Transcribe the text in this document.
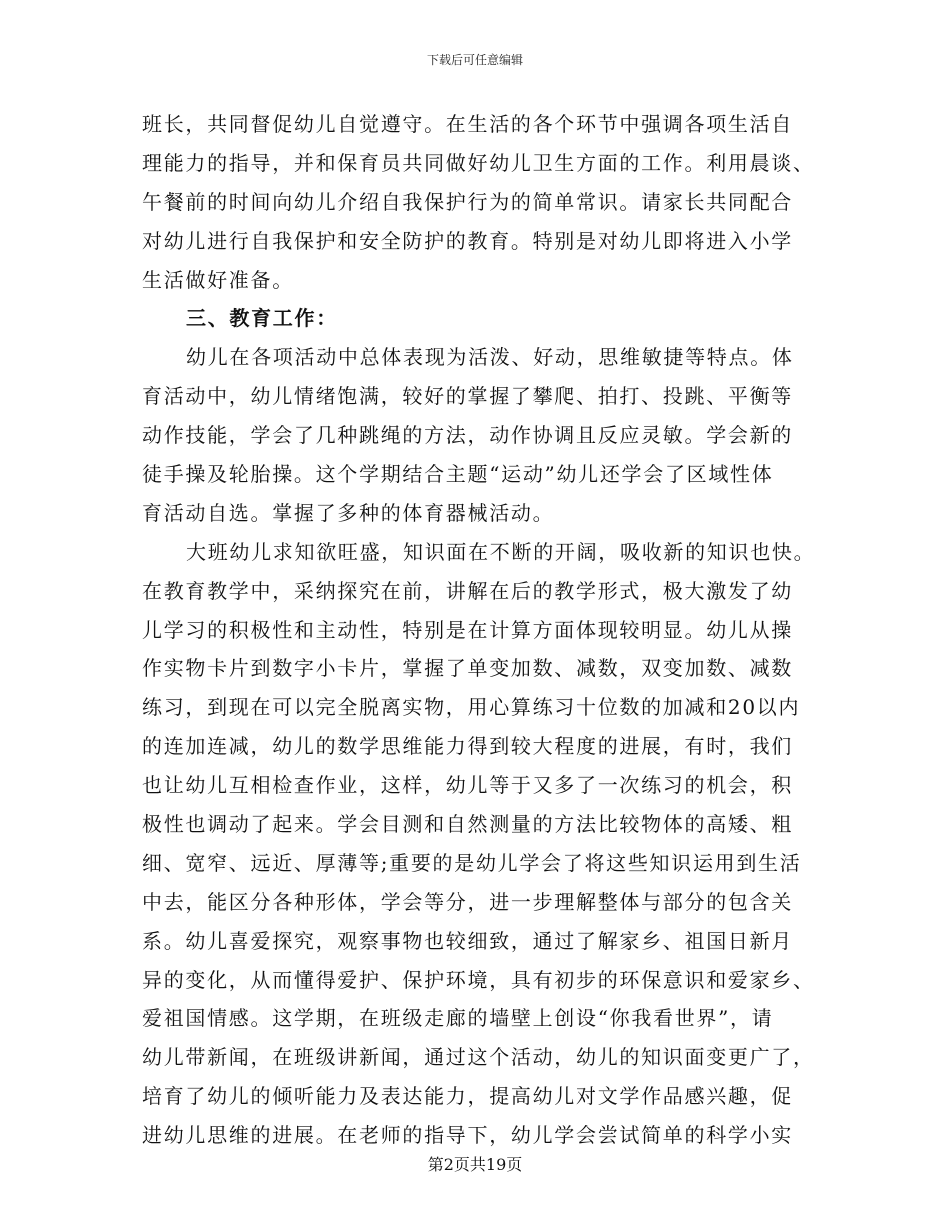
下载后可任意编辑

班长，共同督促幼儿自觉遵守。在生活的各个环节中强调各项生活自

理能力的指导，并和保育员共同做好幼儿卫生方面的工作。利用晨谈、

午餐前的时间向幼儿介绍自我保护行为的简单常识。请家长共同配合

对幼儿进行自我保护和安全防护的教育。特别是对幼儿即将进入小学

生活做好准备。

三、教育工作：

幼儿在各项活动中总体表现为活泼、好动，思维敏捷等特点。体

育活动中，幼儿情绪饱满，较好的掌握了攀爬、拍打、投跳、平衡等

动作技能，学会了几种跳绳的方法，动作协调且反应灵敏。学会新的

徒手操及轮胎操。这个学期结合主题“运动”幼儿还学会了区域性体

育活动自选。掌握了多种的体育器械活动。

大班幼儿求知欲旺盛，知识面在不断的开阔，吸收新的知识也快。

在教育教学中，采纳探究在前，讲解在后的教学形式，极大激发了幼

儿学习的积极性和主动性，特别是在计算方面体现较明显。幼儿从操

作实物卡片到数字小卡片，掌握了单变加数、减数，双变加数、减数

练习，到现在可以完全脱离实物，用心算练习十位数的加减和20以内

的连加连减，幼儿的数学思维能力得到较大程度的进展，有时，我们

也让幼儿互相检查作业，这样，幼儿等于又多了一次练习的机会，积

极性也调动了起来。学会目测和自然测量的方法比较物体的高矮、粗

细、宽窄、远近、厚薄等;重要的是幼儿学会了将这些知识运用到生活

中去，能区分各种形体，学会等分，进一步理解整体与部分的包含关

系。幼儿喜爱探究，观察事物也较细致，通过了解家乡、祖国日新月

异的变化，从而懂得爱护、保护环境，具有初步的环保意识和爱家乡、

爱祖国情感。这学期，在班级走廊的墙壁上创设“你我看世界”，请

幼儿带新闻，在班级讲新闻，通过这个活动，幼儿的知识面变更广了，

培育了幼儿的倾听能力及表达能力，提高幼儿对文学作品感兴趣，促

进幼儿思维的进展。在老师的指导下，幼儿学会尝试简单的科学小实

第2页共19页
